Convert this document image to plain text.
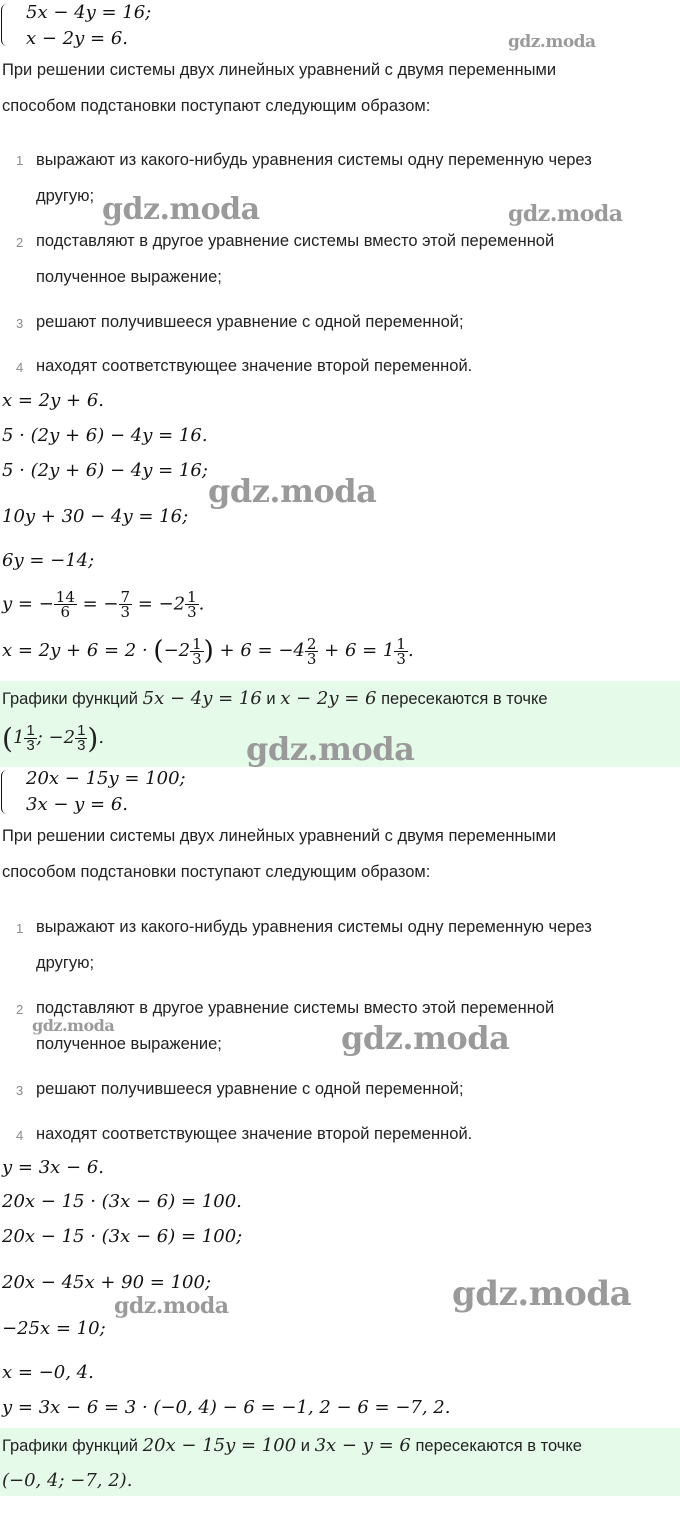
5x − 4y = 16;
x − 2y = 6.
При решении системы двух линейных уравнений с двумя переменными
способом подстановки поступают следующим образом:
1 выражают из какого-нибудь уравнения системы одну переменную через
другую;
2 подставляют в другое уравнение системы вместо этой переменной
полученное выражение;
3 решают получившееся уравнение с одной переменной;
4 находят соответствующее значение второй переменной.
x = 2y + 6.
5 · (2y + 6) − 4y = 16.
5 · (2y + 6) − 4y = 16;
10y + 30 − 4y = 16;
6y = −14;
y = − $\frac{14}{6}$ = − $\frac{7}{3} = -2 \frac{1}{3}$ .
$x = 2y + 6 = 2 \cdot (-2 \frac{1}{3}$ ) + $6 = -4 \frac{2}{3} + 6 = 1 \frac{1}{3}$ .
Графики функций 5x − 4y = 16 и x − 2y = 6 пересекаются в точке
($1 \frac{1}{3}$ ; $-2 \frac{1}{3}$ ).
20x − 15y = 100;
3x − y = 6.
При решении системы двух линейных уравнений с двумя переменными
способом подстановки поступают следующим образом:
1 выражают из какого-нибудь уравнения системы одну переменную через
другую;
2 подставляют в другое уравнение системы вместо этой переменной
полученное выражение;
3 решают получившееся уравнение с одной переменной;
4 находят соответствующее значение второй переменной.
y = 3x − 6.
20x − 15 · (3x − 6) = 100.
20x − 15 · (3x − 6) = 100;
20x − 45x + 90 = 100;
−25x = 10;
x = −0, 4.
y = 3x − 6 = 3 · (−0, 4) − 6 = −1, 2 − 6 = −7, 2.
Графики функций 20x − 15y = 100 и 3x − y = 6 пересекаются в точке
(−0, 4; −7, 2).
gdz.moda
gdz.moda	gdz.moda
gdz.moda
gdz.moda
gdz.moda	gdz.moda
gdz.moda
gdz.moda
